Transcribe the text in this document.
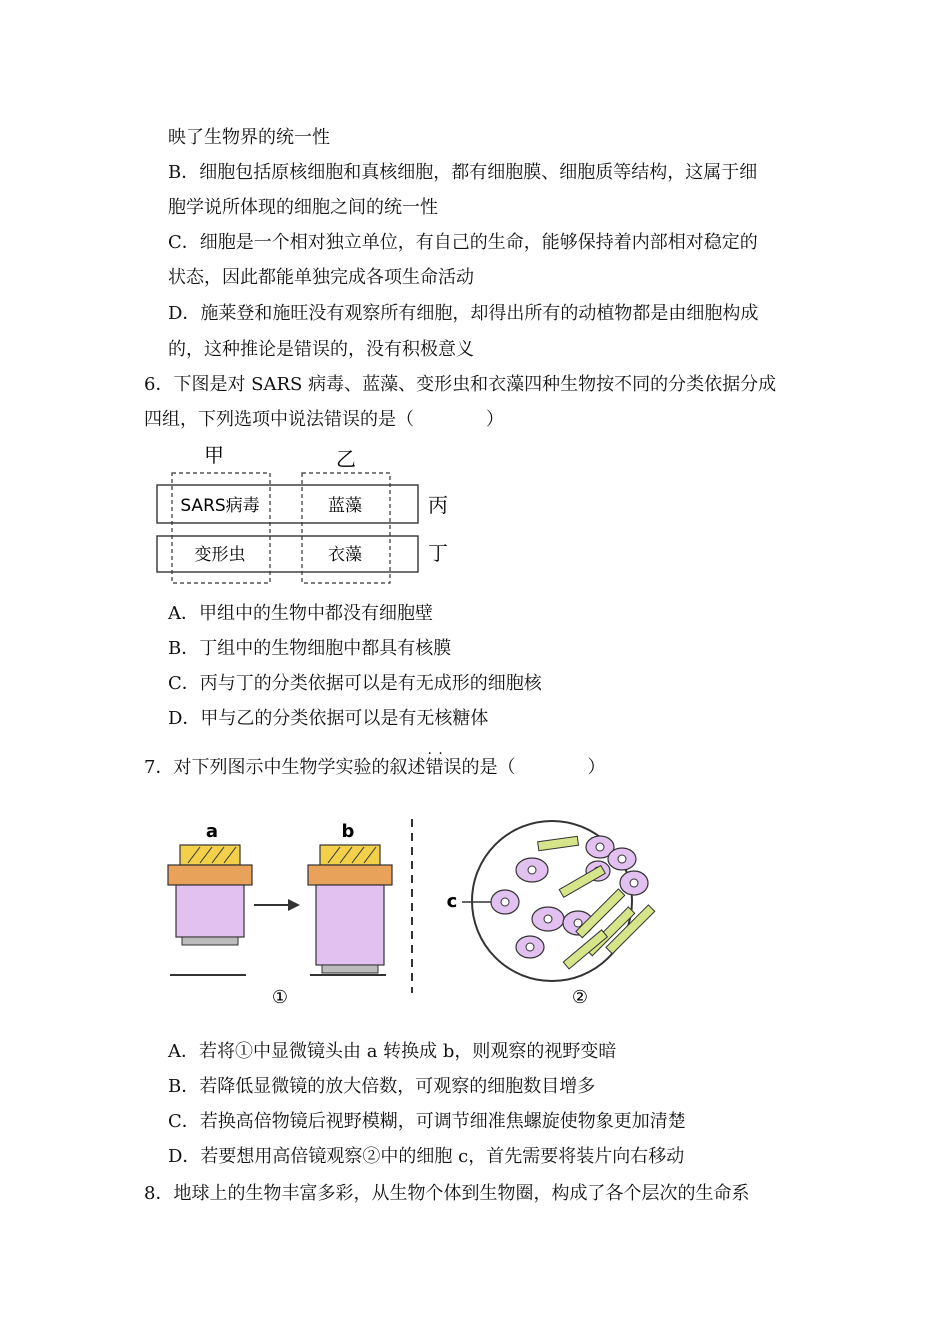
映了生物界的统一性
B．细胞包括原核细胞和真核细胞，都有细胞膜、细胞质等结构，这属于细
胞学说所体现的细胞之间的统一性
C．细胞是一个相对独立单位，有自己的生命，能够保持着内部相对稳定的
状态，因此都能单独完成各项生命活动
D．施莱登和施旺没有观察所有细胞，却得出所有的动植物都是由细胞构成
的，这种推论是错误的，没有积极意义
6．下图是对 SARS 病毒、蓝藻、变形虫和衣藻四种生物按不同的分类依据分成
四组，下列选项中说法错误的是（　　　　）
甲	乙
丙
丁
SARS病毒	蓝藻
变形虫	衣藻
A．甲组中的生物中都没有细胞壁
B．丁组中的生物细胞中都具有核膜
C．丙与丁的分类依据可以是有无成形的细胞核
D．甲与乙的分类依据可以是有无核糖体
7．对下列图示中生物学实验的叙述· · 错误的是（　　　　）
a	b
c
①	②
A．若将①中显微镜头由 a 转换成 b，则观察的视野变暗
B．若降低显微镜的放大倍数，可观察的细胞数目增多
C．若换高倍物镜后视野模糊，可调节细准焦螺旋使物象更加清楚
D．若要想用高倍镜观察②中的细胞 c，首先需要将装片向右移动
8．地球上的生物丰富多彩，从生物个体到生物圈，构成了各个层次的生命系
